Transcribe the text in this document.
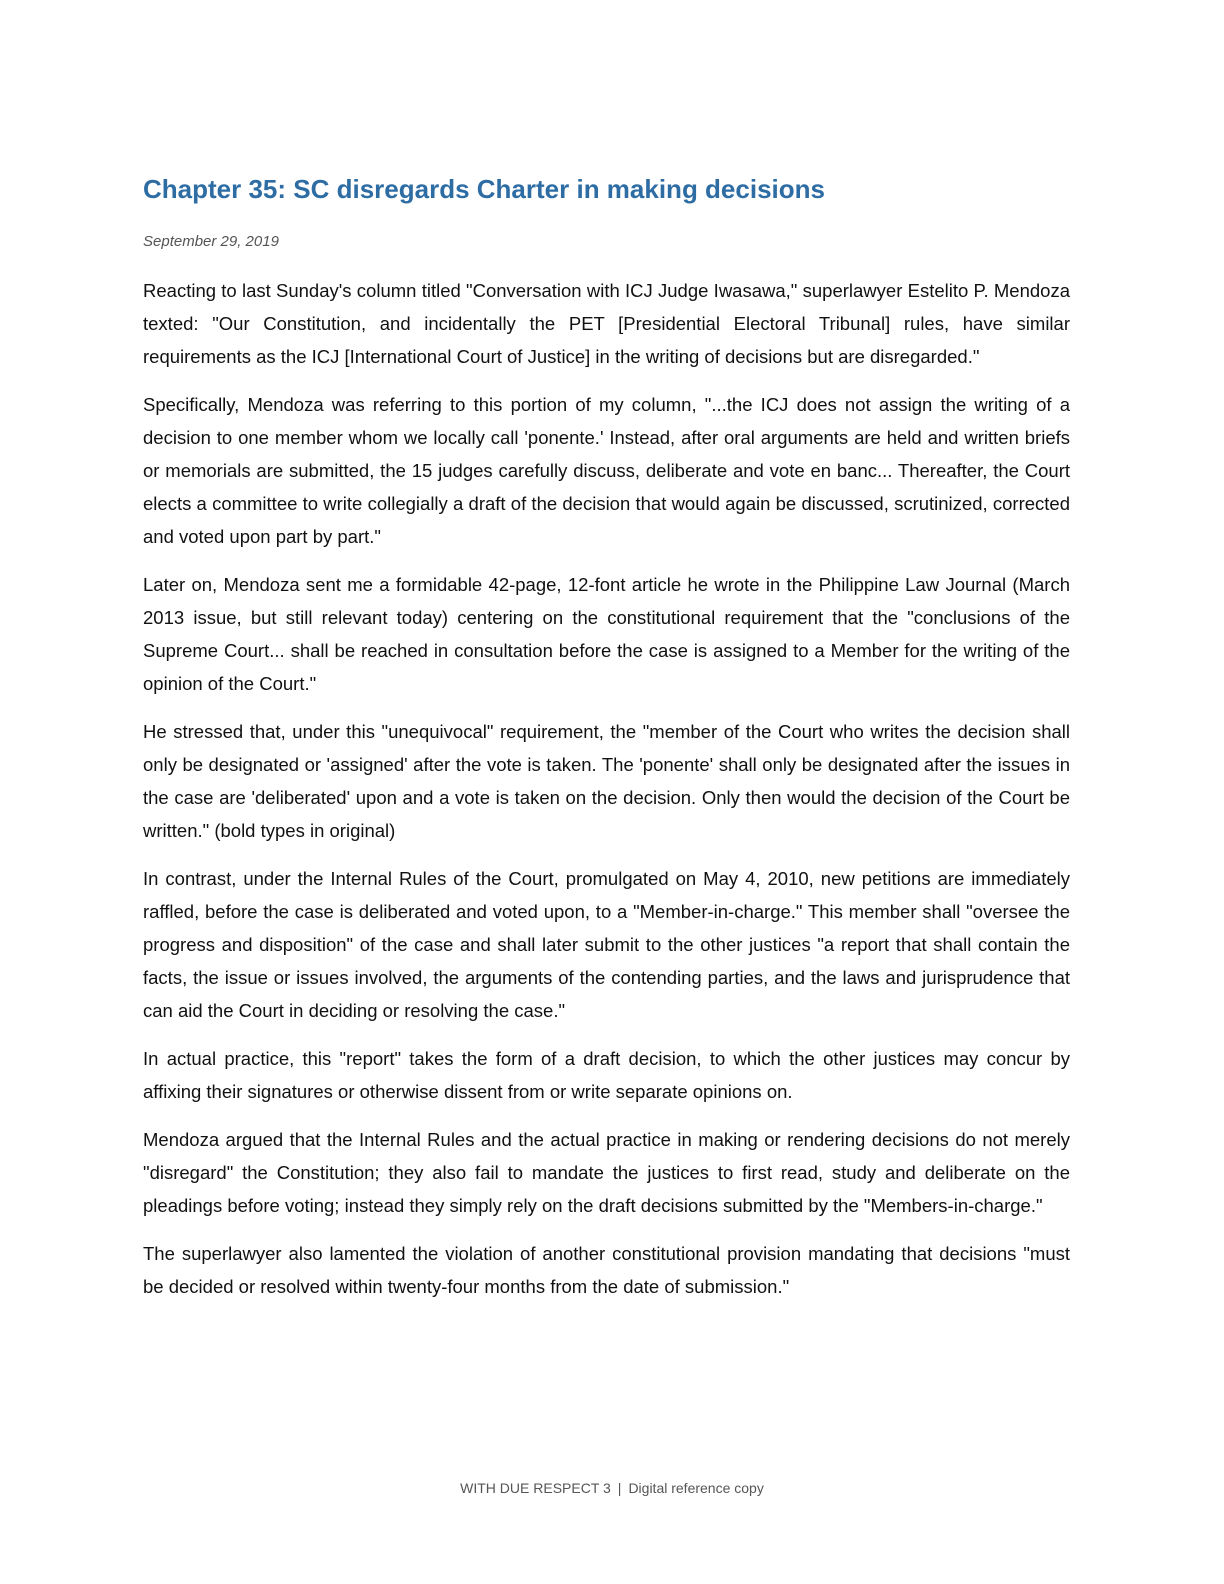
Chapter 35: SC disregards Charter in making decisions
September 29, 2019

Reacting to last Sunday's column titled "Conversation with ICJ Judge Iwasawa," superlawyer Estelito P. Mendoza texted: "Our Constitution, and incidentally the PET [Presidential Electoral Tribunal] rules, have similar requirements as the ICJ [International Court of Justice] in the writing of decisions but are disregarded."

Specifically, Mendoza was referring to this portion of my column, "...the ICJ does not assign the writing of a decision to one member whom we locally call 'ponente.' Instead, after oral arguments are held and written briefs or memorials are submitted, the 15 judges carefully discuss, deliberate and vote en banc... Thereafter, the Court elects a committee to write collegially a draft of the decision that would again be discussed, scrutinized, corrected and voted upon part by part."

Later on, Mendoza sent me a formidable 42-page, 12-font article he wrote in the Philippine Law Journal (March 2013 issue, but still relevant today) centering on the constitutional requirement that the "conclusions of the Supreme Court... shall be reached in consultation before the case is assigned to a Member for the writing of the opinion of the Court."

He stressed that, under this "unequivocal" requirement, the "member of the Court who writes the decision shall only be designated or 'assigned' after the vote is taken. The 'ponente' shall only be designated after the issues in the case are 'deliberated' upon and a vote is taken on the decision. Only then would the decision of the Court be written." (bold types in original)

In contrast, under the Internal Rules of the Court, promulgated on May 4, 2010, new petitions are immediately raffled, before the case is deliberated and voted upon, to a "Member-in-charge." This member shall "oversee the progress and disposition" of the case and shall later submit to the other justices "a report that shall contain the facts, the issue or issues involved, the arguments of the contending parties, and the laws and jurisprudence that can aid the Court in deciding or resolving the case."

In actual practice, this "report" takes the form of a draft decision, to which the other justices may concur by affixing their signatures or otherwise dissent from or write separate opinions on.

Mendoza argued that the Internal Rules and the actual practice in making or rendering decisions do not merely "disregard" the Constitution; they also fail to mandate the justices to first read, study and deliberate on the pleadings before voting; instead they simply rely on the draft decisions submitted by the "Members-in-charge."

The superlawyer also lamented the violation of another constitutional provision mandating that decisions "must be decided or resolved within twenty-four months from the date of submission."

WITH DUE RESPECT 3 | Digital reference copy
